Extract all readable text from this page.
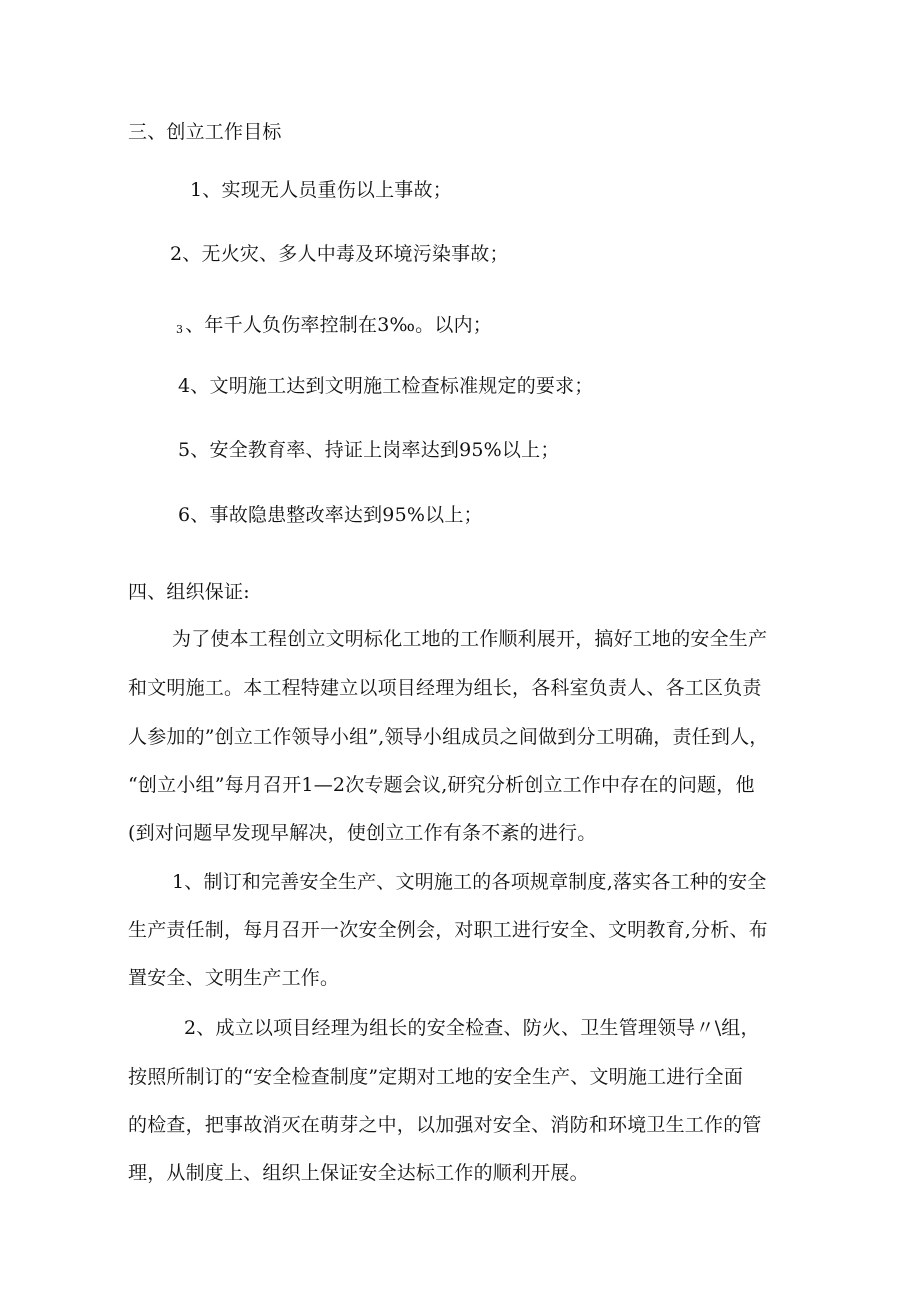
三、创立工作目标
1、实现无人员重伤以上事故；
2、无火灾、多人中毒及环境污染事故；
3 、年千人负伤率控制在3‰。以内；
4、文明施工达到文明施工检查标准规定的要求；
5、安全教育率、持证上岗率达到95%以上；
6、事故隐患整改率达到95%以上；
四、组织保证:
为了使本工程创立文明标化工地的工作顺利展开，搞好工地的安全生产
和文明施工。本工程特建立以项目经理为组长，各科室负责人、各工区负责
人参加的”创立工作领导小组”,领导小组成员之间做到分工明确，责任到人，
“创立小组”每月召开1—2次专题会议,研究分析创立工作中存在的问题，他
(到对问题早发现早解决，使创立工作有条不紊的进行。
1、制订和完善安全生产、文明施工的各项规章制度,落实各工种的安全
生产责任制，每月召开一次安全例会，对职工进行安全、文明教育,分析、布
置安全、文明生产工作。
2、成立以项目经理为组长的安全检查、防火、卫生管理领导〃\组，
按照所制订的“安全检查制度”定期对工地的安全生产、文明施工进行全面
的检查，把事故消灭在萌芽之中，以加强对安全、消防和环境卫生工作的管
理，从制度上、组织上保证安全达标工作的顺利开展。
